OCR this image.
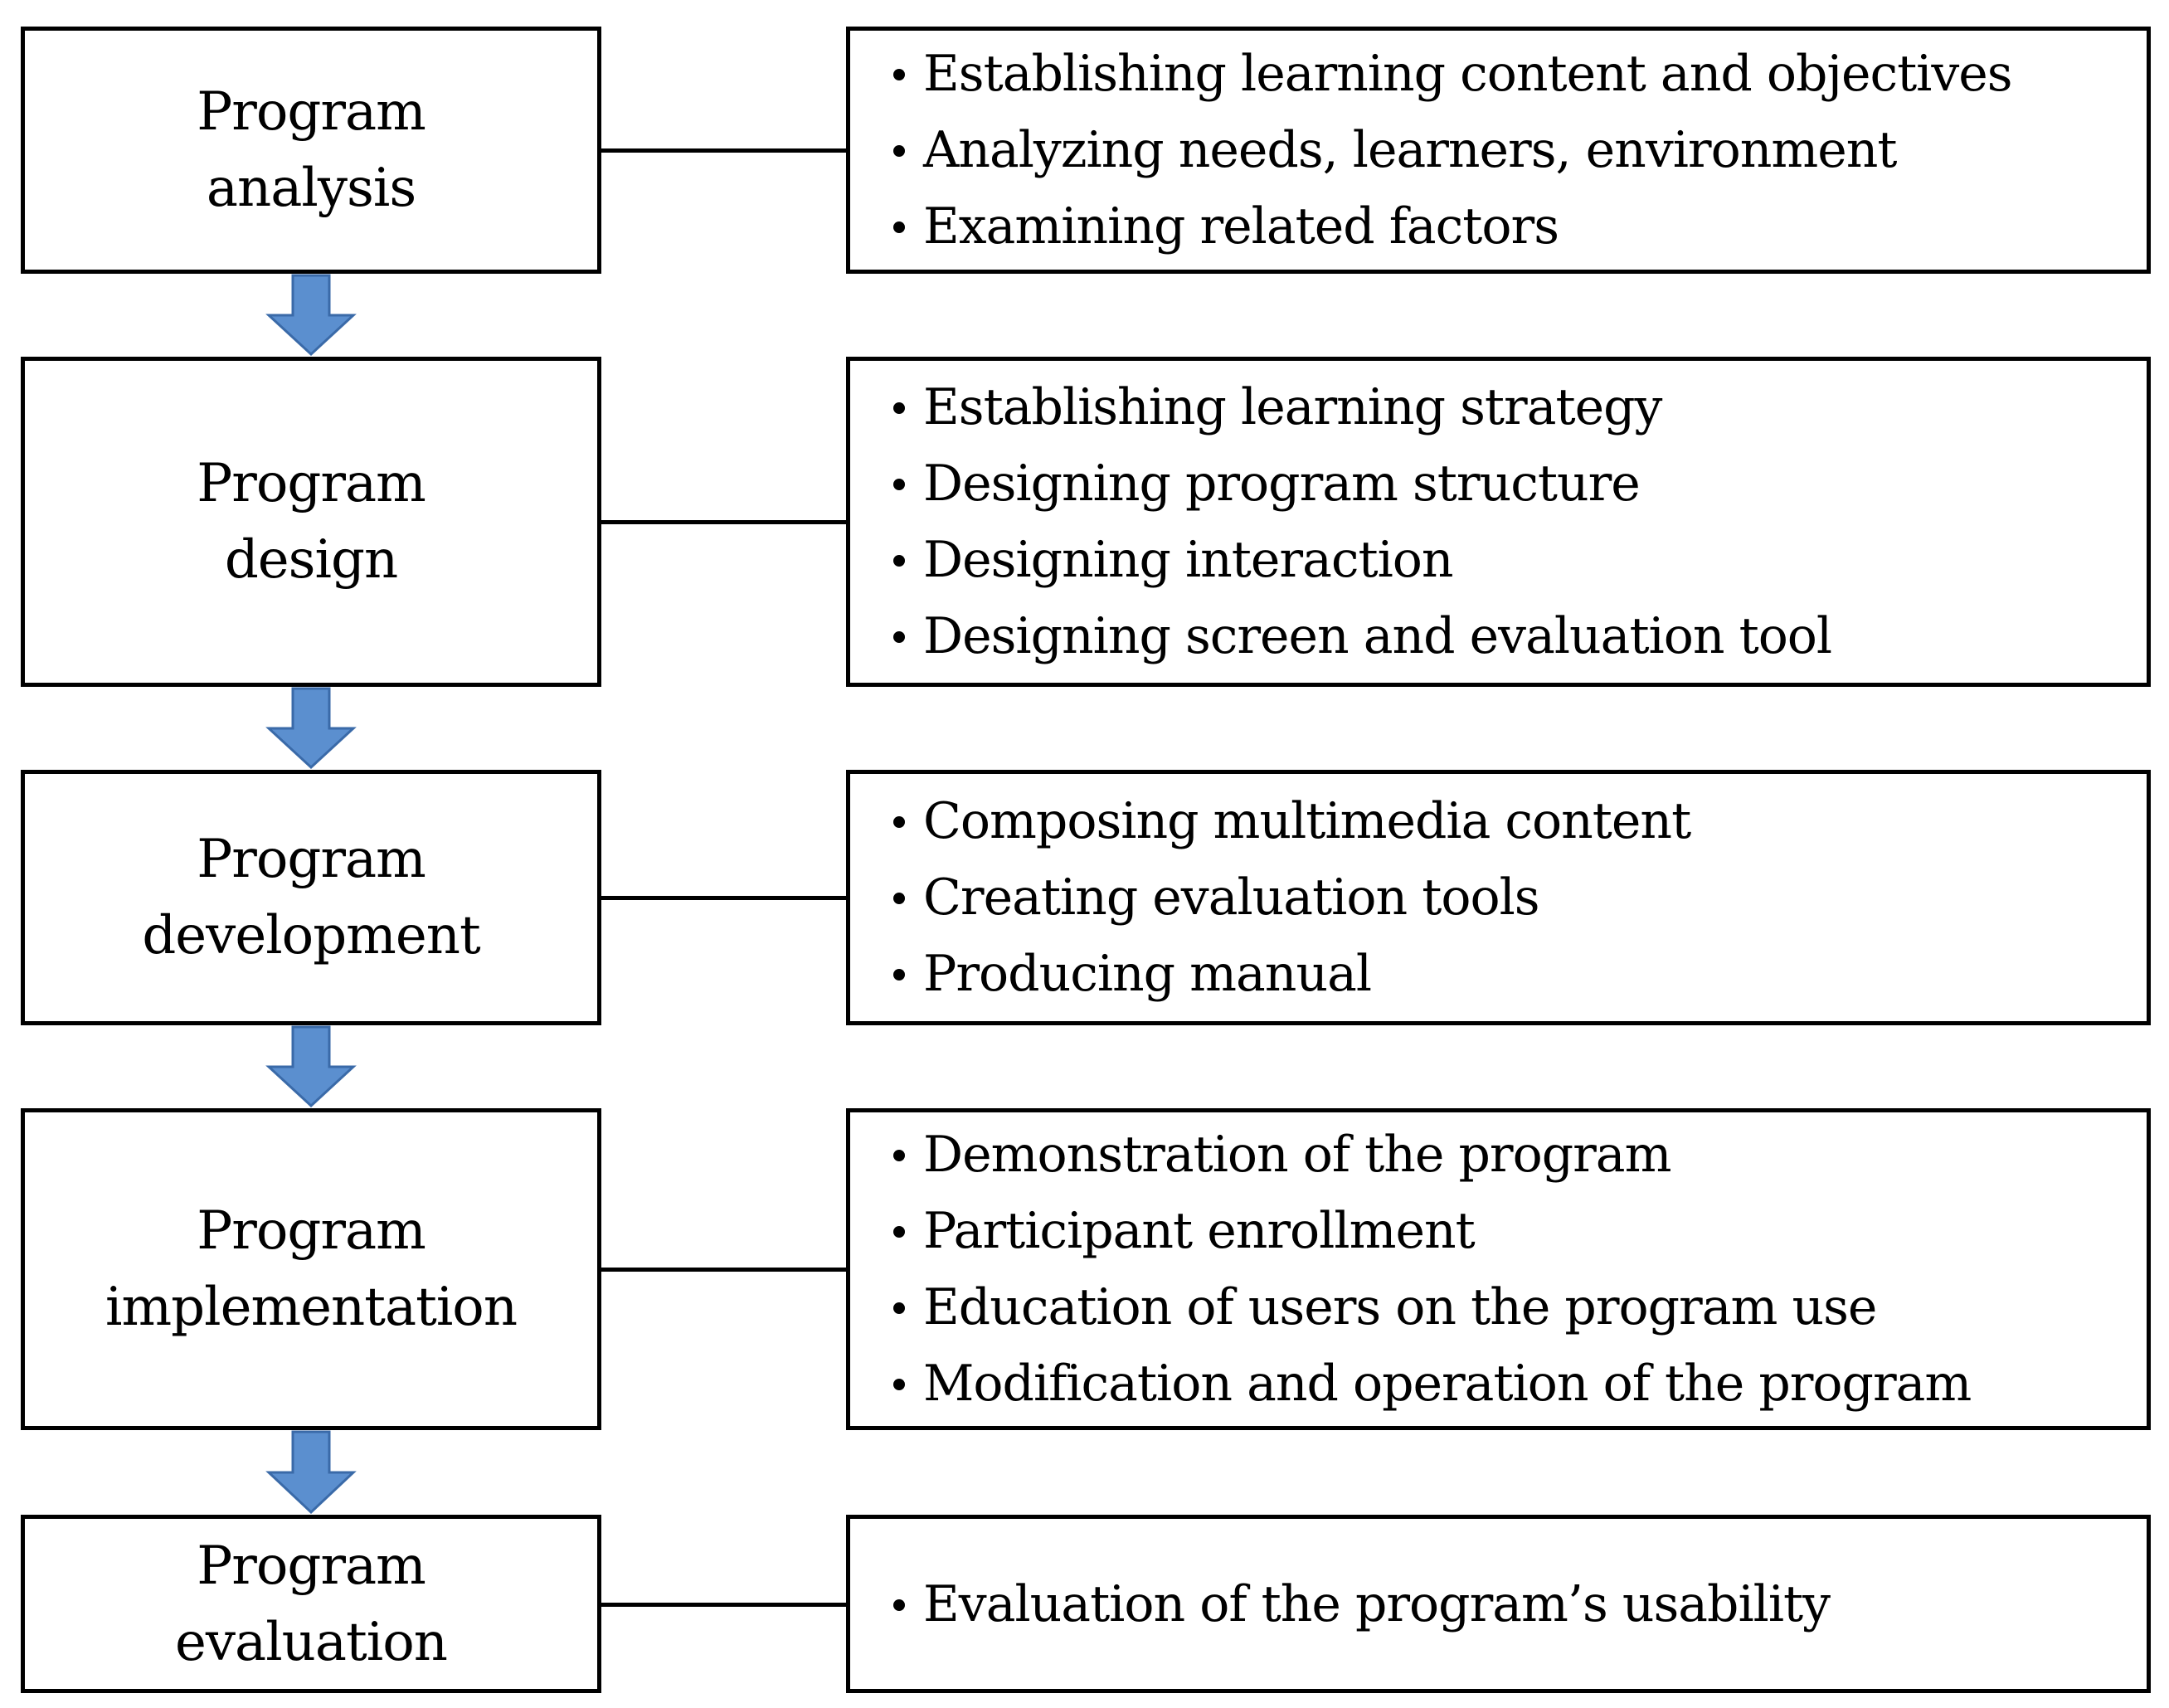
Program
analysis
Establishing learning content and objectives
Analyzing needs, learners, environment
Examining related factors
Program
design
Establishing learning strategy
Designing program structure
Designing interaction
Designing screen and evaluation tool
Program
development
Composing multimedia content
Creating evaluation tools
Producing manual
Program
implementation
Demonstration of the program
Participant enrollment
Education of users on the program use
Modification and operation of the program
Program
evaluation
Evaluation of the program’s usability
